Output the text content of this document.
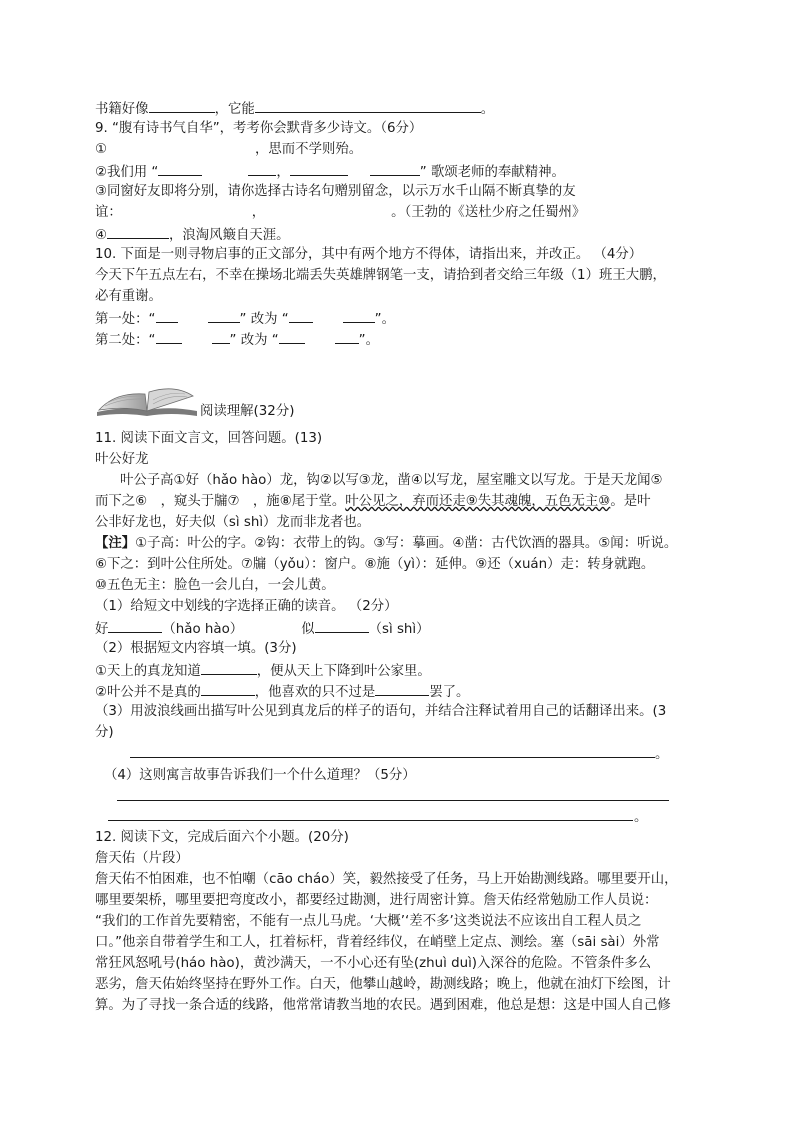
书籍好像	，它能	。
9. “腹有诗书气自华”，考考你会默背多少诗文。（6分）
①	，思而不学则殆。
②我们用 “	，	” 歌颂老师的奉献精神。
③同窗好友即将分别，请你选择古诗名句赠别留念，以示万水千山隔不断真挚的友
谊：	，	。（王勃的《送杜少府之任蜀州》
④	，浪淘风簸自天涯。
10. 下面是一则寻物启事的正文部分，其中有两个地方不得体，请指出来，并改正。 （4分）
今天下午五点左右，不幸在操场北端丢失英雄牌钢笔一支，请拾到者交给三年级（1）班王大鹏，
必有重谢。
第一处：“	” 改为 “	”。
第二处：“	” 改为 “	”。
阅读理解(32分)
11. 阅读下面文言文，回答问题。(13)
叶公好龙
叶公子高①好（hǎo hào）龙，钩②以写③龙，凿④以写龙，屋室雕文以写龙。于是天龙闻⑤
而下之⑥　，窥头于牖⑦　，施⑧尾于堂。叶公见之，弃而还走⑨失其魂魄，五色无主⑩。是叶
公非好龙也，好夫似（sì shì）龙而非龙者也。
【注】①子高：叶公的字。②钩：衣带上的钩。③写：摹画。④凿：古代饮酒的器具。⑤闻：听说。
⑥下之：到叶公住所处。⑦牖（yǒu）：窗户。⑧施（yì）：延伸。⑨还（xuán）走：转身就跑。
⑩五色无主：脸色一会儿白，一会儿黄。
（1）给短文中划线的字选择正确的读音。 （2分）
好	（hǎo hào）	似	（sì shì）
（2）根据短文内容填一填。(3分)
①天上的真龙知道	，便从天上下降到叶公家里。
②叶公并不是真的	，他喜欢的只不过是	罢了。
（3）用波浪线画出描写叶公见到真龙后的样子的语句，并结合注释试着用自己的话翻译出来。(3
分)
。
（4）这则寓言故事告诉我们一个什么道理？（5分）
。
12. 阅读下文，完成后面六个小题。(20分)
詹天佑（片段）
詹天佑不怕困难，也不怕嘲（cāo cháo）笑，毅然接受了任务，马上开始勘测线路。哪里要开山，
哪里要架桥，哪里要把弯度改小，都要经过勘测，进行周密计算。詹天佑经常勉励工作人员说：
“我们的工作首先要精密，不能有一点儿马虎。‘大概’‘差不多’这类说法不应该出自工程人员之
口。”他亲自带着学生和工人，扛着标杆，背着经纬仪，在峭壁上定点、测绘。塞（sāi sài）外常
常狂风怒吼号(háo hào)，黄沙满天，一不小心还有坠(zhuì duì)入深谷的危险。不管条件多么
恶劣，詹天佑始终坚持在野外工作。白天，他攀山越岭，勘测线路；晚上，他就在油灯下绘图，计
算。为了寻找一条合适的线路，他常常请教当地的农民。遇到困难，他总是想：这是中国人自己修
